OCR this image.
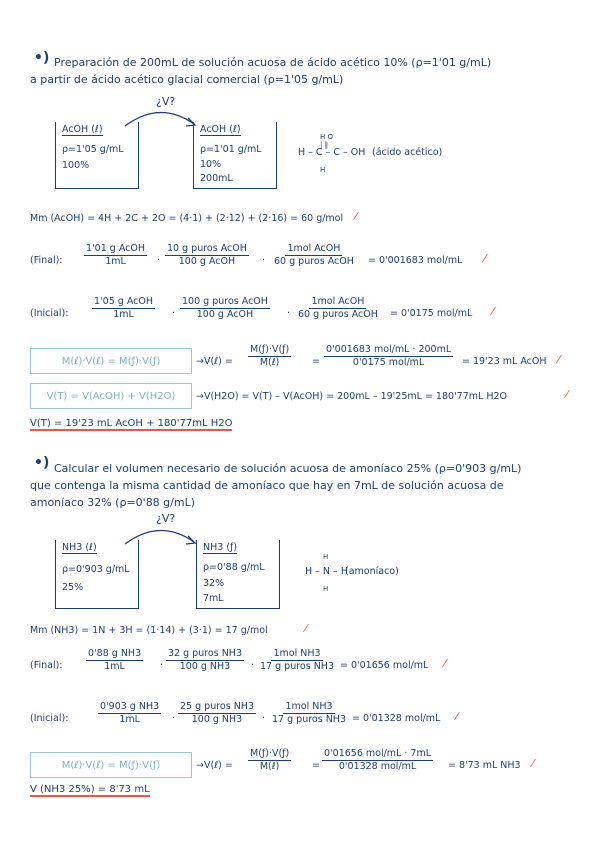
•) Preparación de 200mL de solución acuosa de ácido acético 10% (ρ=1'01 g/mL)
a partir de ácido acético glacial comercial (ρ=1'05 g/mL)
¿V?
AcOH (ℓ)
ρ=1'05 g/mL
100%
AcOH (ℓ)
ρ=1'01 g/mL
10%
200mL
H O
| ‖
H – C – C – OH (ácido acético)
H
Mm (AcOH) = 4H + 2C + 2O = (4·1) + (2·12) + (2·16) = 60 g/mol ⁄
(Final):
1'01 g AcOH
1mL	·
10 g puros AcOH
100 g AcOH	·
1mol AcOH
60 g puros AcOH = 0'001683 mol/mL ⁄
(Inicial):
1'05 g AcOH
1mL	·
100 g puros AcOH
100 g AcOH	·
1mol AcOH
60 g puros AcOH = 0'0175 mol/mL ⁄
M(ℓ)·V(ℓ) = M(ƒ)·V(ƒ)
V(T) = V(AcOH) + V(H2O)
→V(ℓ) =
M(ƒ)·V(ƒ)
M(ℓ)	=
0'001683 mol/mL · 200mL
0'0175 mol/mL	= 19'23 mL AcOH ⁄
→V(H2O) = V(T) – V(AcOH) = 200mL – 19'25mL = 180'77mL H2O	⁄
V(T) = 19'23 mL AcOH + 180'77mL H2O
•) Calcular el volumen necesario de solución acuosa de amoníaco 25% (ρ=0'903 g/mL)
que contenga la misma cantidad de amoníaco que hay en 7mL de solución acuosa de
amoníaco 32% (ρ=0'88 g/mL)
¿V?
NH3 (ℓ)
ρ=0'903 g/mL
25%
NH3 (ƒ)
ρ=0'88 g/mL
32%
7mL
H
H – N – H
(amoníaco)
H
Mm (NH3) = 1N + 3H = (1·14) + (3·1) = 17 g/mol	⁄
(Final): $\frac{\text{0'88 g NH3}}{1mL}$ ·
32 g puros NH3
100 g NH3 ·
1mol NH3
17 g puros NH3 = 0'01656 mol/mL ⁄
(Inicial):	$\frac{\text{0'903 g NH3}}{1mL}$ ·
25 g puros NH3
100 g NH3 ·
1mol NH3
17 g puros NH3 = 0'01328 mol/mL ⁄
M(ℓ)·V(ℓ) = M(ƒ)·V(ƒ)	→V(ℓ) =
M(ƒ)·V(ƒ)
M(ℓ)	=
0'01656 mol/mL · 7mL
0'01328 mol/mL	= 8'73 mL NH3 ⁄
V (NH3 25%) = 8'73 mL
